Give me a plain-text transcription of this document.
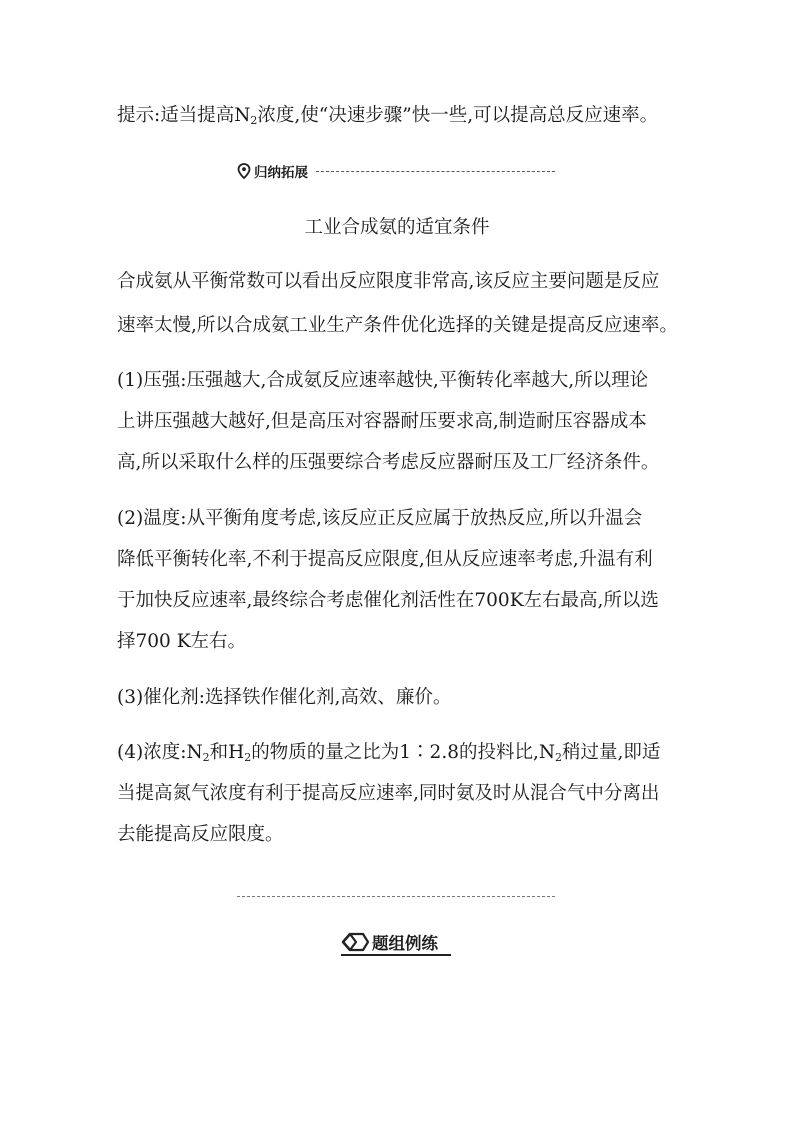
提示:适当提高$N_2$浓度,使“决速步骤”快一些,可以提高总反应速率。
归纳拓展
工业合成氨的适宜条件
合成氨从平衡常数可以看出反应限度非常高,该反应主要问题是反应
速率太慢,所以合成氨工业生产条件优化选择的关键是提高反应速率。
(1)压强:压强越大,合成氨反应速率越快,平衡转化率越大,所以理论
上讲压强越大越好,但是高压对容器耐压要求高,制造耐压容器成本
高,所以采取什么样的压强要综合考虑反应器耐压及工厂经济条件。
(2)温度:从平衡角度考虑,该反应正反应属于放热反应,所以升温会
降低平衡转化率,不利于提高反应限度,但从反应速率考虑,升温有利
于加快反应速率,最终综合考虑催化剂活性在700K左右最高,所以选
择700 K左右。
(3)催化剂:选择铁作催化剂,高效、廉价。
(4)浓度$:N_2$和$H_2$的物质的量之比为1∶2.8的投料比$,N_2$稍过量,即适
当提高氮气浓度有利于提高反应速率,同时氨及时从混合气中分离出
去能提高反应限度。
题组例练
